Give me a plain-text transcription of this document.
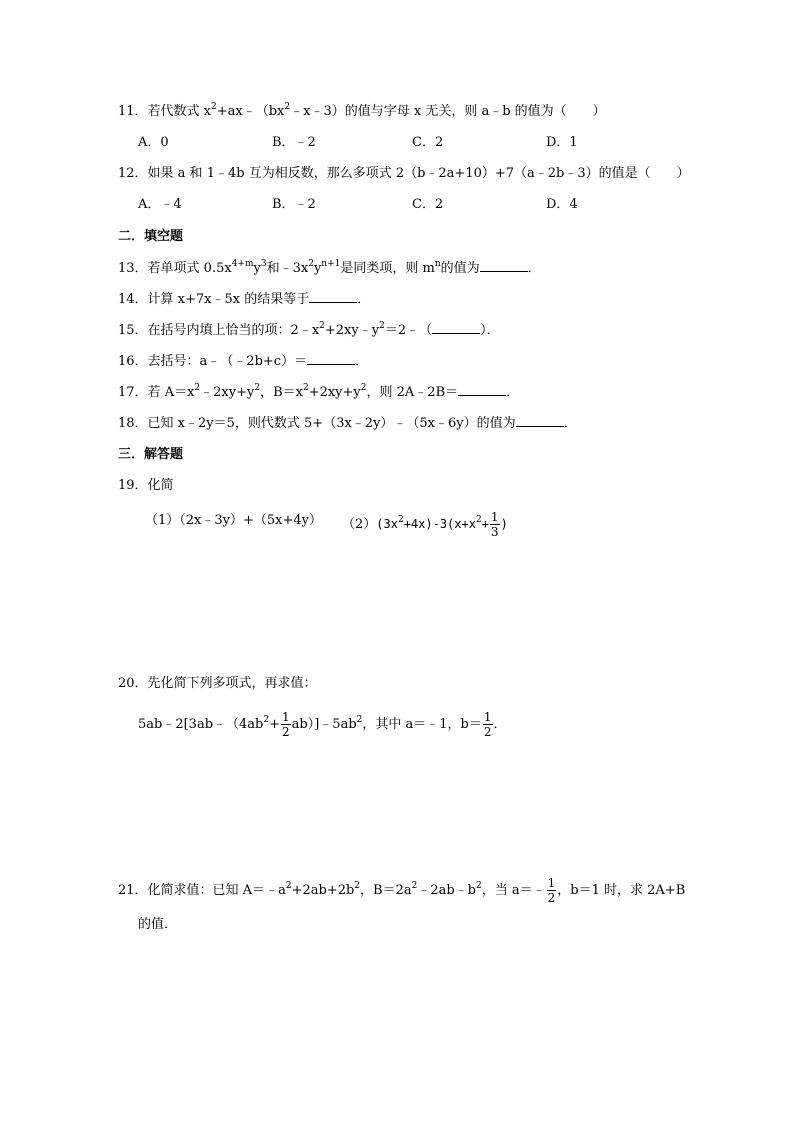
11．若代数式 $x^2+ax﹣(bx^2﹣x﹣3)$的值与字母 x 无关，则 a﹣b 的值为（　　）
A．0	B．﹣2	C．2	D．1
12．如果 a 和 1﹣4b 互为相反数，那么多项式 2（b﹣2a+10）+7（a﹣2b﹣3）的值是（　　）
A．﹣4	B．﹣2	C．2	D．4
二．填空题
13．若单项式 $0.5x^{4+m}y^3$和$﹣3x^2y^{n+1}$是同类项，则 $m^n$的值为	．
14．计算 x+7x﹣5x 的结果等于	．
15．在括号内填上恰当的项：$2﹣x^2+2xy﹣y^2=2﹣$（	）．
16．去括号：a﹣（﹣2b+c）＝	．
17．若 $A=x^2﹣2xy+y^2$，$B=x^2+2xy+y^2$，则 2A﹣2B＝	．
18．已知 x﹣2y＝5，则代数式 5+（3x﹣2y）﹣（5x﹣6y）的值为	．
三．解答题
19．化简
（1）（2x﹣3y）+（5x+4y） $(2)(3x^2+4x)-3(x+x^2+ \frac{1}{3}$ )
20．先化简下列多项式，再求值：
$5ab﹣2[3ab﹣(4ab^2+ \frac{1}{2}$ $ab)]﹣5ab^2$，其中 a＝﹣1，$b= \frac{1}{2}$ ．
21．化简求值：已知 $A=﹣a^2+2ab+2b^2$，$B=2a^2﹣2ab﹣b^2$，当 a＝﹣ $\frac{1}{2}$ ，b＝1 时，求 2A+B
的值．
